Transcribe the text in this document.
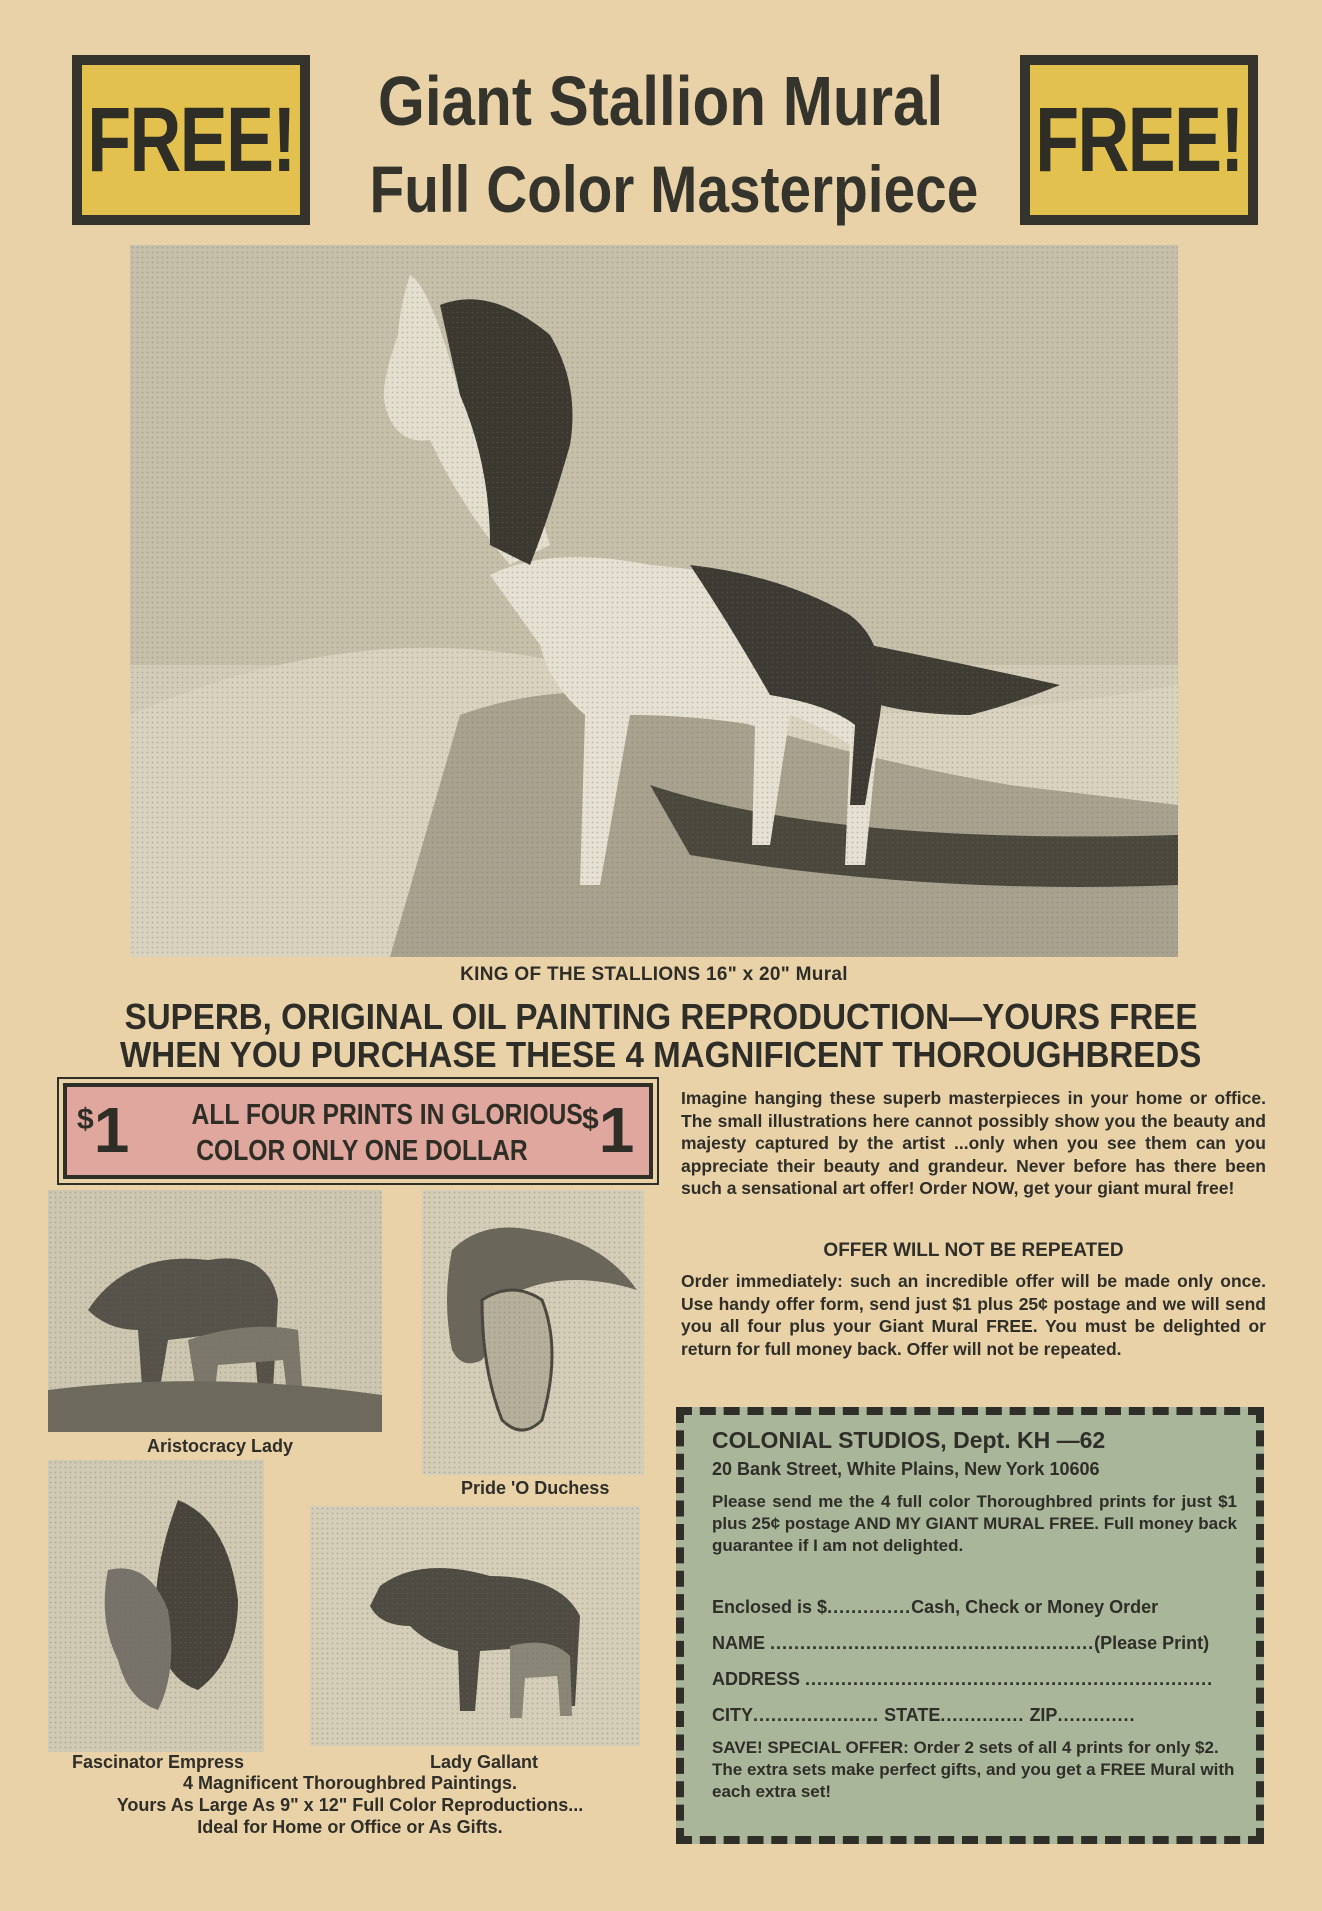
FREE!	FREE!
Giant Stallion Mural
Full Color Masterpiece
KING OF THE STALLIONS 16" x 20" Mural
SUPERB, ORIGINAL OIL PAINTING REPRODUCTION—YOURS FREE
WHEN YOU PURCHASE THESE 4 MAGNIFICENT THOROUGHBREDS
$1	ALL FOUR PRINTS IN GLORIOUS
COLOR ONLY ONE DOLLAR
$1	Imagine hanging these superb masterpieces in your home or office. The small illustrations here cannot possibly show you the beauty and majesty captured by the artist ...only when you see them can you appreciate their beauty and grandeur. Never before has there been such a sensational art offer! Order NOW, get your giant mural free!
OFFER WILL NOT BE REPEATED
Order immediately: such an incredible offer will be made only once. Use handy offer form, send just $1 plus 25¢ postage and we will send you all four plus your Giant Mural FREE. You must be delighted or return for full money back. Offer will not be repeated.
Aristocracy Lady
Pride 'O Duchess
Fascinator Empress	Lady Gallant
4 Magnificent Thoroughbred Paintings.
Yours As Large As 9" x 12" Full Color Reproductions...
Ideal for Home or Office or As Gifts.
COLONIAL STUDIOS, Dept. KH —62
20 Bank Street, White Plains, New York 10606
Please send me the 4 full color Thoroughbred prints for just $1 plus 25¢ postage AND MY GIANT MURAL FREE. Full money back guarantee if I am not delighted.
Enclosed is $..............Cash, Check or Money Order
NAME ......................................................(Please Print)
ADDRESS ....................................................................
CITY..................... STATE.............. ZIP.............
SAVE! SPECIAL OFFER: Order 2 sets of all 4 prints for only $2. The extra sets make perfect gifts, and you get a FREE Mural with each extra set!
